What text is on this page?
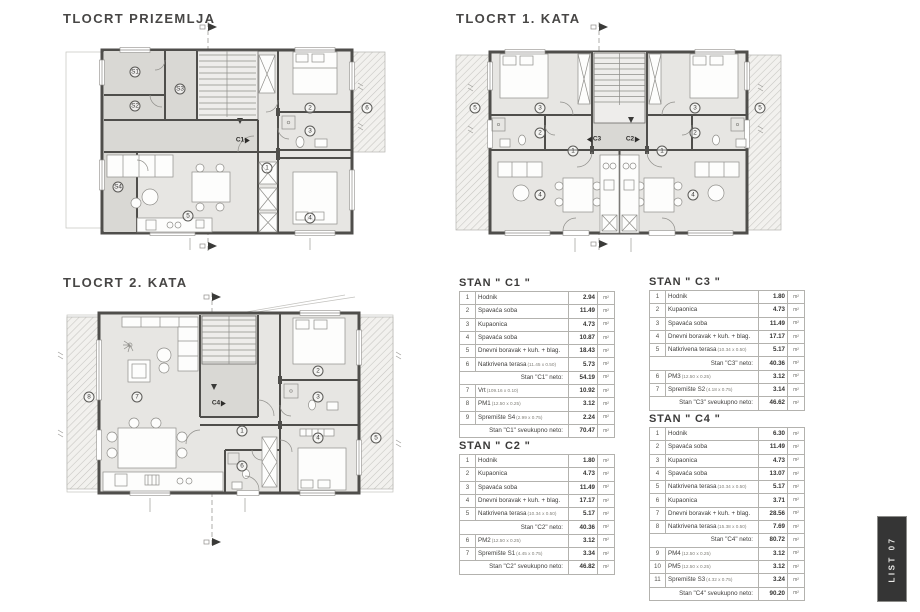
TLOCRT PRIZEMLJA	TLOCRT 1. KATA
TLOCRT 2. KATA
S1
S3
S2
S4
2
3
1
4
5
6
C1
5	3
2
1
4
3
2
1
4
5
C3	C2
8	7
2
3
1
4
6
5
C4
STAN " C1 "
1	Hodnik	2.94	m²
2	Spavaća soba	11.49	m²
3	Kupaonica	4.73	m²
4	Spavaća soba	10.87	m²
5	Dnevni boravak + kuh. + blag.	18.43	m²
6	Natkrivena terasa(11.45 x 0.50)	5.73	m²
Stan "C1" neto:		54.19	m²
7	Vrt(109.16 x 0.10)	10.92	m²
8	PM1(12.50 x 0.25)	3.12	m²
9	Spremište S4(2.99 x 0.75)	2.24	m²
Stan "C1" sveukupno neto:		70.47	m²
STAN " C2 "
1	Hodnik	1.80	m²
2	Kupaonica	4.73	m²
3	Spavaća soba	11.49	m²
4	Dnevni boravak + kuh. + blag.	17.17	m²
5	Natkrivena terasa(10.34 x 0.50)	5.17	m²
Stan "C2" neto:		40.36	m²
6	PM2(12.50 x 0.25)	3.12	m²
7	Spremište S1(4.45 x 0.75)	3.34	m²
Stan "C2" sveukupno neto:		46.82	m²
STAN " C3 "
1	Hodnik	1.80	m²
2	Kupaonica	4.73	m²
3	Spavaća soba	11.49	m²
4	Dnevni boravak + kuh. + blag.	17.17	m²
5	Natkrivena terasa(10.34 x 0.50)	5.17	m²
Stan "C3" neto:		40.36	m²
6	PM3(12.50 x 0.25)	3.12	m²
7	Spremište S2(4.18 x 0.75)	3.14	m²
Stan "C3" sveukupno neto:		46.62	m²
STAN " C4 "
1	Hodnik	6.30	m²
2	Spavaća soba	11.49	m²
3	Kupaonica	4.73	m²
4	Spavaća soba	13.07	m²
5	Natkrivena terasa(10.34 x 0.50)	5.17	m²
6	Kupaonica	3.71	m²
7	Dnevni boravak + kuh. + blag.	28.56	m²
8	Natkrivena terasa(15.38 x 0.50)	7.69	m²
Stan "C4" neto:		80.72	m²
9	PM4(12.50 x 0.25)	3.12	m²
10	PM5(12.50 x 0.25)	3.12	m²
11	Spremište S3(4.32 x 0.75)	3.24	m²
Stan "C4" sveukupno neto:		90.20	m²
LIST 07
